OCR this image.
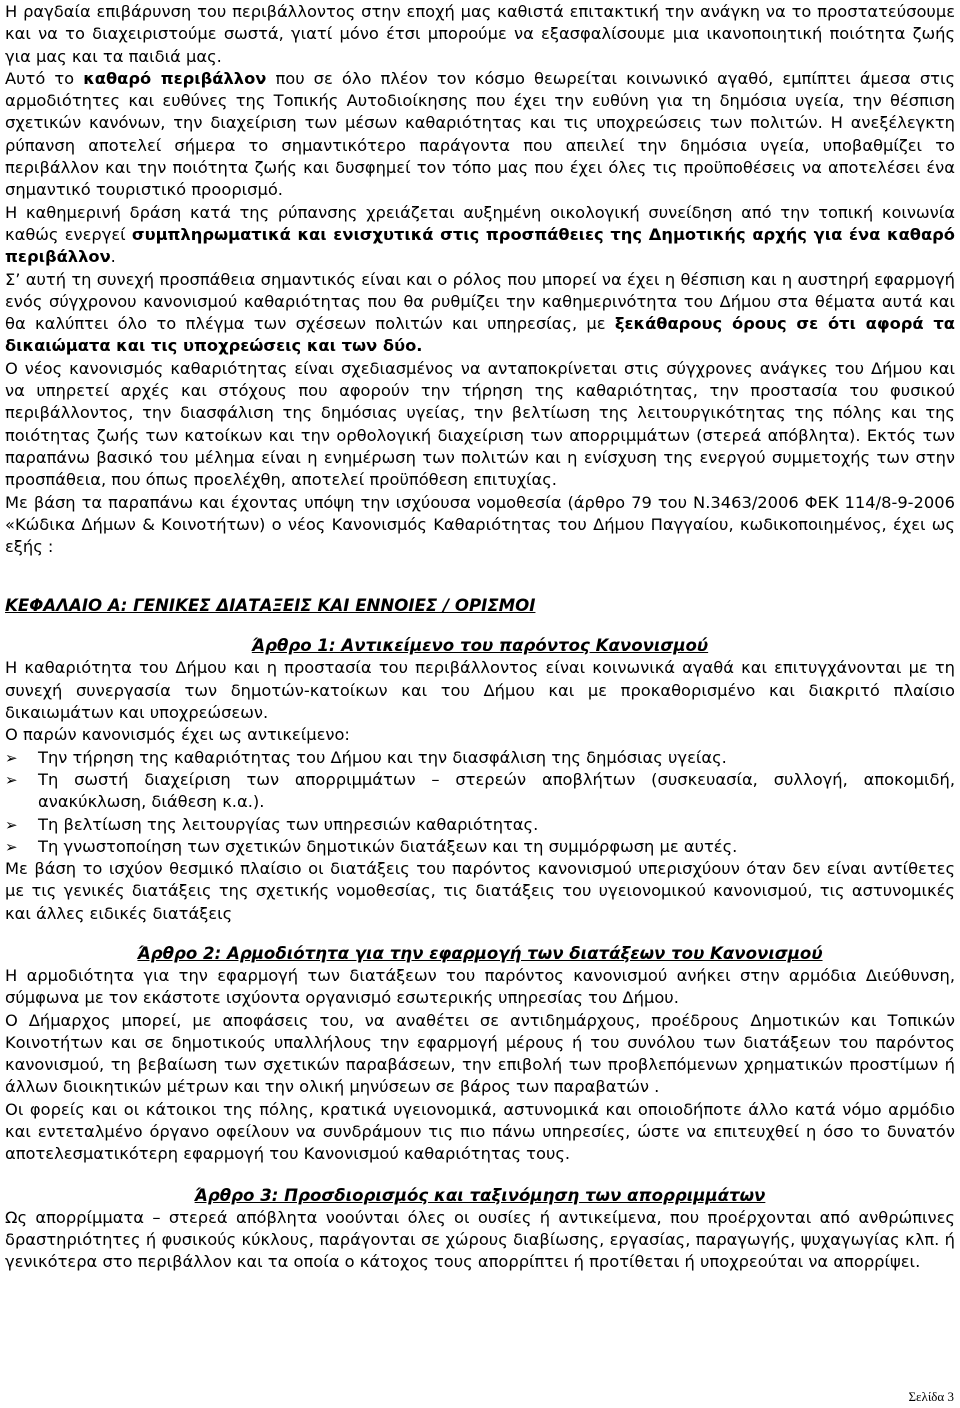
Η ραγδαία επιβάρυνση του περιβάλλοντος στην εποχή μας καθιστά επιτακτική την ανάγκη να το προστατεύσουμε και να το διαχειριστούμε σωστά, γιατί μόνο έτσι μπορούμε να εξασφαλίσουμε μια ικανοποιητική ποιότητα ζωής για μας και τα παιδιά μας.

Αυτό το καθαρό περιβάλλον που σε όλο πλέον τον κόσμο θεωρείται κοινωνικό αγαθό, εμπίπτει άμεσα στις αρμοδιότητες και ευθύνες της Τοπικής Αυτοδιοίκησης που έχει την ευθύνη για τη δημόσια υγεία, την θέσπιση σχετικών κανόνων, την διαχείριση των μέσων καθαριότητας και τις υποχρεώσεις των πολιτών. Η ανεξέλεγκτη ρύπανση αποτελεί σήμερα το σημαντικότερο παράγοντα που απειλεί την δημόσια υγεία, υποβαθμίζει το περιβάλλον και την ποιότητα ζωής και δυσφημεί τον τόπο μας που έχει όλες τις προϋποθέσεις να αποτελέσει ένα σημαντικό τουριστικό προορισμό.

Η καθημερινή δράση κατά της ρύπανσης χρειάζεται αυξημένη οικολογική συνείδηση από την τοπική κοινωνία καθώς ενεργεί συμπληρωματικά και ενισχυτικά στις προσπάθειες της Δημοτικής αρχής για ένα καθαρό περιβάλλον.

Σ’ αυτή τη συνεχή προσπάθεια σημαντικός είναι και ο ρόλος που μπορεί να έχει η θέσπιση και η αυστηρή εφαρμογή ενός σύγχρονου κανονισμού καθαριότητας που θα ρυθμίζει την καθημερινότητα του Δήμου στα θέματα αυτά και θα καλύπτει όλο το πλέγμα των σχέσεων πολιτών και υπηρεσίας, με ξεκάθαρους όρους σε ότι αφορά τα δικαιώματα και τις υποχρεώσεις και των δύο.

Ο νέος κανονισμός καθαριότητας είναι σχεδιασμένος να ανταποκρίνεται στις σύγχρονες ανάγκες του Δήμου και να υπηρετεί αρχές και στόχους που αφορούν την τήρηση της καθαριότητας, την προστασία του φυσικού περιβάλλοντος, την διασφάλιση της δημόσιας υγείας, την βελτίωση της λειτουργικότητας της πόλης και της ποιότητας ζωής των κατοίκων και την ορθολογική διαχείριση των απορριμμάτων (στερεά απόβλητα). Εκτός των παραπάνω βασικό του μέλημα είναι η ενημέρωση των πολιτών και η ενίσχυση της ενεργού συμμετοχής των στην προσπάθεια, που όπως προελέχθη, αποτελεί προϋπόθεση επιτυχίας.

Με βάση τα παραπάνω και έχοντας υπόψη την ισχύουσα νομοθεσία (άρθρο 79 του Ν.3463/2006 ΦΕΚ 114/8-9-2006 «Κώδικα Δήμων & Κοινοτήτων) ο νέος Κανονισμός Καθαριότητας του Δήμου Παγγαίου, κωδικοποιημένος, έχει ως εξής :

ΚΕΦΑΛΑΙΟ Α: ΓΕΝΙΚΕΣ ΔΙΑΤΑΞΕΙΣ ΚΑΙ ΕΝΝΟΙΕΣ / ΟΡΙΣΜΟΙ
Άρθρο 1: Αντικείμενο του παρόντος Κανονισμού

Η καθαριότητα του Δήμου και η προστασία του περιβάλλοντος είναι κοινωνικά αγαθά και επιτυγχάνονται με τη συνεχή συνεργασία των δημοτών-κατοίκων και του Δήμου και με προκαθορισμένο και διακριτό πλαίσιο δικαιωμάτων και υποχρεώσεων.

Ο παρών κανονισμός έχει ως αντικείμενο:

➢ Την τήρηση της καθαριότητας του Δήμου και την διασφάλιση της δημόσιας υγείας.
➢ Τη σωστή διαχείριση των απορριμμάτων – στερεών αποβλήτων (συσκευασία, συλλογή, αποκομιδή, ανακύκλωση, διάθεση κ.α.).
➢ Τη βελτίωση της λειτουργίας των υπηρεσιών καθαριότητας.
➢ Τη γνωστοποίηση των σχετικών δημοτικών διατάξεων και τη συμμόρφωση με αυτές.

Με βάση το ισχύον θεσμικό πλαίσιο οι διατάξεις του παρόντος κανονισμού υπερισχύουν όταν δεν είναι αντίθετες με τις γενικές διατάξεις της σχετικής νομοθεσίας, τις διατάξεις του υγειονομικού κανονισμού, τις αστυνομικές και άλλες ειδικές διατάξεις

Άρθρο 2: Αρμοδιότητα για την εφαρμογή των διατάξεων του Κανονισμού

Η αρμοδιότητα για την εφαρμογή των διατάξεων του παρόντος κανονισμού ανήκει στην αρμόδια Διεύθυνση, σύμφωνα με τον εκάστοτε ισχύοντα οργανισμό εσωτερικής υπηρεσίας του Δήμου.

Ο Δήμαρχος μπορεί, με αποφάσεις του, να αναθέτει σε αντιδημάρχους, προέδρους Δημοτικών και Τοπικών Κοινοτήτων και σε δημοτικούς υπαλλήλους την εφαρμογή μέρους ή του συνόλου των διατάξεων του παρόντος κανονισμού, τη βεβαίωση των σχετικών παραβάσεων, την επιβολή των προβλεπόμενων χρηματικών προστίμων ή άλλων διοικητικών μέτρων και την ολική μηνύσεων σε βάρος των παραβατών .

Οι φορείς και οι κάτοικοι της πόλης, κρατικά υγειονομικά, αστυνομικά και οποιοδήποτε άλλο κατά νόμο αρμόδιο και εντεταλμένο όργανο οφείλουν να συνδράμουν τις πιο πάνω υπηρεσίες, ώστε να επιτευχθεί η όσο το δυνατόν αποτελεσματικότερη εφαρμογή του Κανονισμού καθαριότητας τους.

Άρθρο 3: Προσδιορισμός και ταξινόμηση των απορριμμάτων

Ως απορρίμματα – στερεά απόβλητα νοούνται όλες οι ουσίες ή αντικείμενα, που προέρχονται από ανθρώπινες δραστηριότητες ή φυσικούς κύκλους, παράγονται σε χώρους διαβίωσης, εργασίας, παραγωγής, ψυχαγωγίας κλπ. ή γενικότερα στο περιβάλλον και τα οποία ο κάτοχος τους απορρίπτει ή προτίθεται ή υποχρεούται να απορρίψει.

Σελίδα 3
